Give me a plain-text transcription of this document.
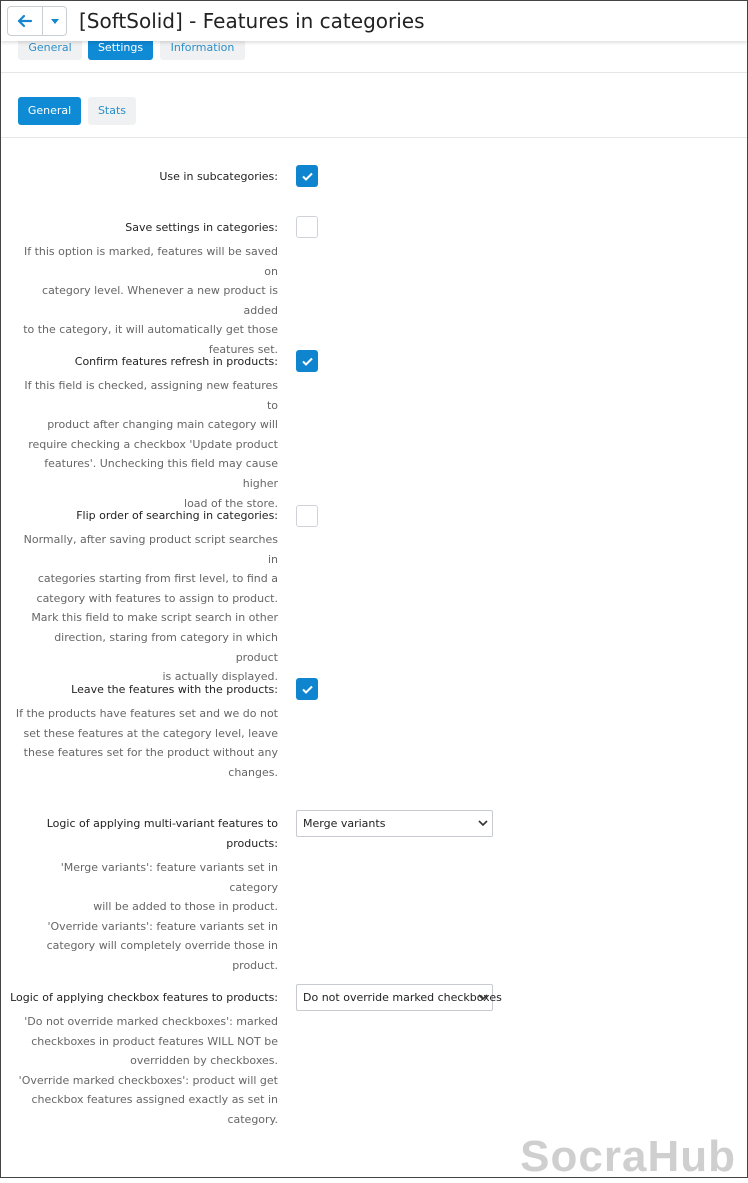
[SoftSolid] - Features in categories
General	Settings	Information
General	Stats
Use in subcategories:
Save settings in categories:
If this option is marked, features will be saved on
category level. Whenever a new product is added
to the category, it will automatically get those
features set.
Confirm features refresh in products:
If this field is checked, assigning new features to
product after changing main category will
require checking a checkbox 'Update product
features'. Unchecking this field may cause higher
load of the store.
Flip order of searching in categories:
Normally, after saving product script searches in
categories starting from first level, to find a
category with features to assign to product.
Mark this field to make script search in other
direction, staring from category in which product
is actually displayed.
Leave the features with the products:
If the products have features set and we do not
set these features at the category level, leave
these features set for the product without any
changes.
Logic of applying multi-variant features to
products:
Merge variants
'Merge variants': feature variants set in category
will be added to those in product.
'Override variants': feature variants set in
category will completely override those in
product.
Logic of applying checkbox features to products: Do not override marked checkboxes
'Do not override marked checkboxes': marked
checkboxes in product features WILL NOT be
overridden by checkboxes.
'Override marked checkboxes': product will get
checkbox features assigned exactly as set in
category.
SocraHub
